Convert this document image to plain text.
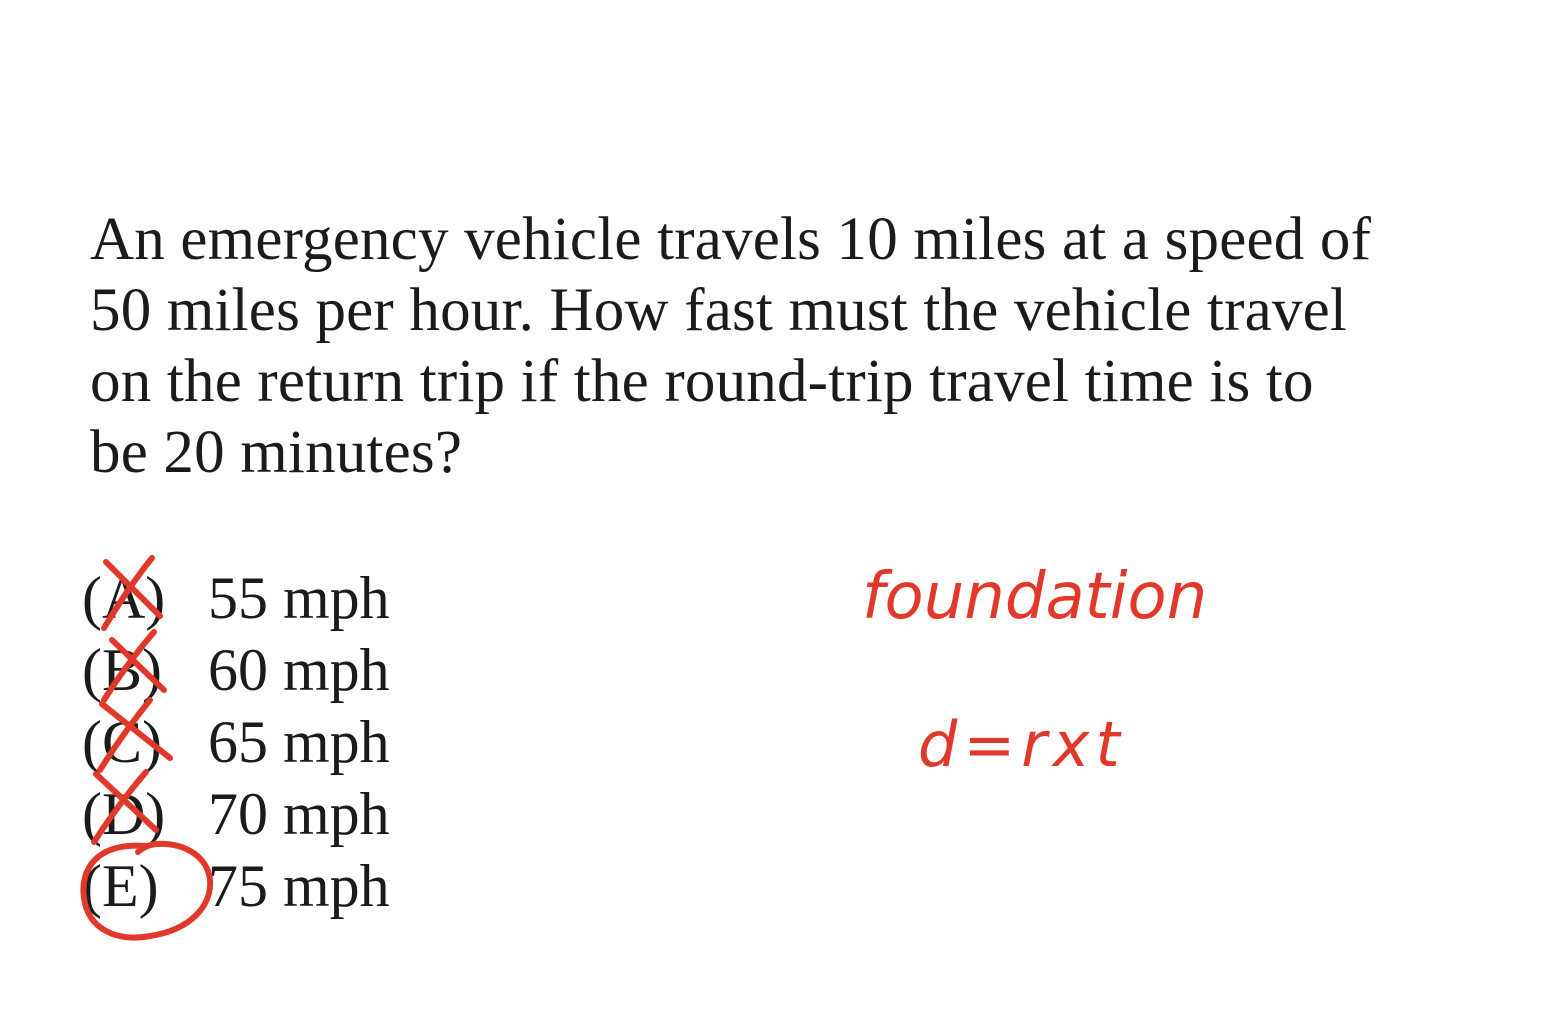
An emergency vehicle travels 10 miles at a speed of
50 miles per hour. How fast must the vehicle travel
on the return trip if the round-trip travel time is to
be 20 minutes?
(A) 55 mph
(B) 60 mph
(C) 65 mph
(D) 70 mph
(E) 75 mph
foundation
d=rxt
